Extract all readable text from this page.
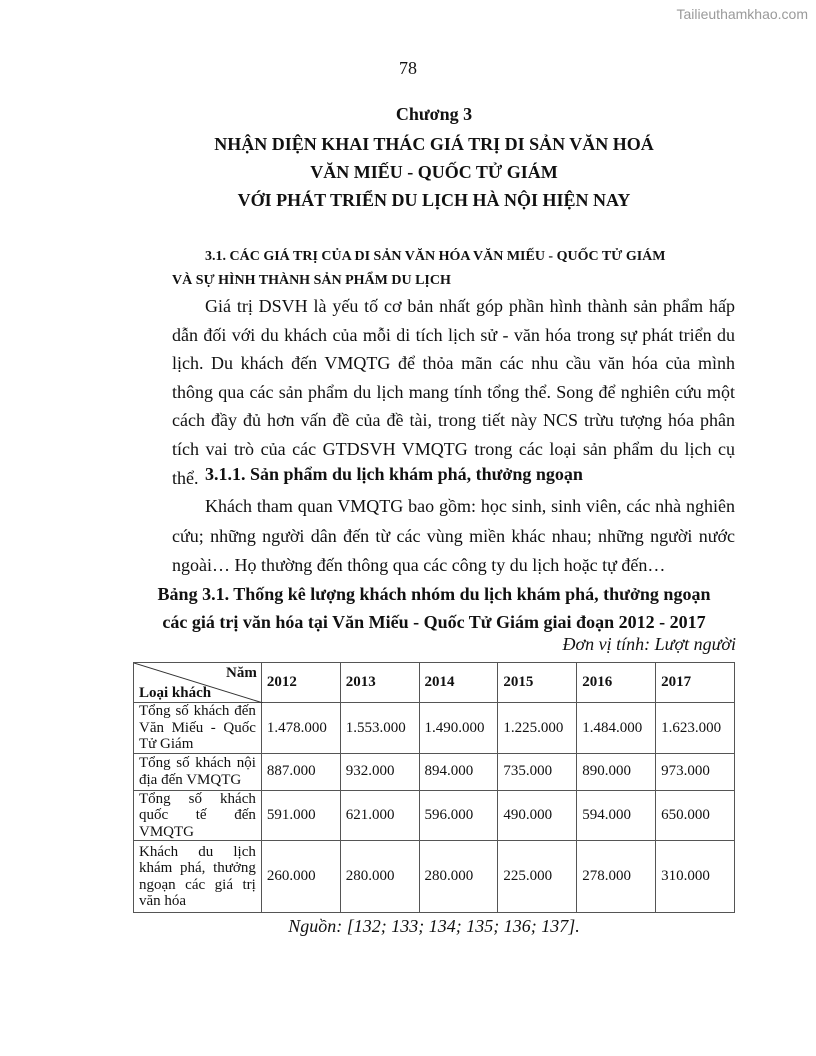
Tailieuthamkhao.com
78
Chương 3
NHẬN DIỆN KHAI THÁC GIÁ TRỊ DI SẢN VĂN HOÁ
VĂN MIẾU - QUỐC TỬ GIÁM
VỚI PHÁT TRIỂN DU LỊCH HÀ NỘI HIỆN NAY
3.1. CÁC GIÁ TRỊ CỦA DI SẢN VĂN HÓA VĂN MIẾU - QUỐC TỬ GIÁM
VÀ SỰ HÌNH THÀNH SẢN PHẨM DU LỊCH

Giá trị DSVH là yếu tố cơ bản nhất góp phần hình thành sản phẩm hấp dẫn đối với du khách của mỗi di tích lịch sử - văn hóa trong sự phát triển du lịch. Du khách đến VMQTG để thỏa mãn các nhu cầu văn hóa của mình thông qua các sản phẩm du lịch mang tính tổng thể. Song để nghiên cứu một cách đầy đủ hơn vấn đề của đề tài, trong tiết này NCS trừu tượng hóa phân tích vai trò của các GTDSVH VMQTG trong các loại sản phẩm du lịch cụ thể. 3.1.1. Sản phẩm du lịch khám phá, thưởng ngoạn

Khách tham quan VMQTG bao gồm: học sinh, sinh viên, các nhà nghiên cứu; những người dân đến từ các vùng miền khác nhau; những người nước ngoài… Họ thường đến thông qua các công ty du lịch hoặc tự đến…

Bảng 3.1. Thống kê lượng khách nhóm du lịch khám phá, thưởng ngoạn
các giá trị văn hóa tại Văn Miếu - Quốc Tử Giám giai đoạn 2012 - 2017
Đơn vị tính: Lượt người
Năm
Loại khách	2012	2013	2014	2015	2016	2017
Tổng số khách đến Văn Miếu - Quốc Tử Giám	1.478.000	1.553.000	1.490.000	1.225.000	1.484.000	1.623.000
Tổng số khách nội địa đến VMQTG	887.000	932.000	894.000	735.000	890.000	973.000
Tổng số khách quốc tế đến VMQTG	591.000	621.000	596.000	490.000	594.000	650.000
Khách du lịch khám phá, thưởng ngoạn các giá trị văn hóa	260.000	280.000	280.000	225.000	278.000	310.000
Nguồn: [132; 133; 134; 135; 136; 137].
